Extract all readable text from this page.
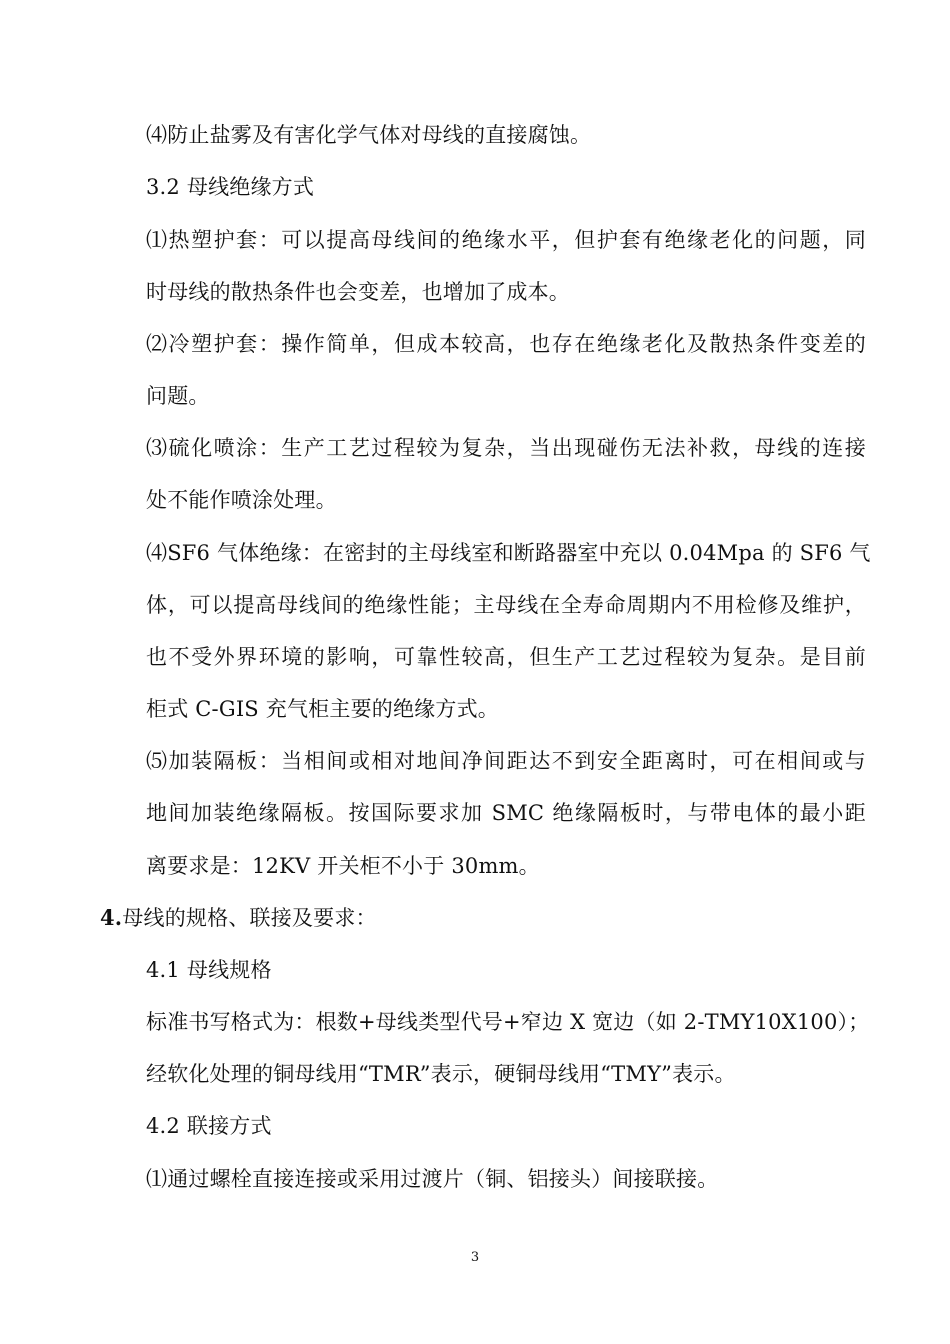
⑷防止盐雾及有害化学气体对母线的直接腐蚀。
3.2 母线绝缘方式
⑴热塑护套：可以提高母线间的绝缘水平，但护套有绝缘老化的问题，同
时母线的散热条件也会变差，也增加了成本。
⑵冷塑护套：操作简单，但成本较高，也存在绝缘老化及散热条件变差的
问题。
⑶硫化喷涂：生产工艺过程较为复杂，当出现碰伤无法补救，母线的连接
处不能作喷涂处理。
⑷SF6 气体绝缘：在密封的主母线室和断路器室中充以 0.04Mpa 的 SF6 气
体，可以提高母线间的绝缘性能；主母线在全寿命周期内不用检修及维护，
也不受外界环境的影响，可靠性较高，但生产工艺过程较为复杂。是目前
柜式 C-GIS 充气柜主要的绝缘方式。
⑸加装隔板：当相间或相对地间净间距达不到安全距离时，可在相间或与
地间加装绝缘隔板。按国际要求加 SMC 绝缘隔板时，与带电体的最小距
离要求是：12KV 开关柜不小于 30mm。
4.母线的规格、联接及要求：
4.1 母线规格
标准书写格式为：根数+母线类型代号+窄边 X 宽边（如 2-TMY10X100）；
经软化处理的铜母线用“TMR”表示，硬铜母线用“TMY”表示。
4.2 联接方式
⑴通过螺栓直接连接或采用过渡片（铜、铝接头）间接联接。
3
